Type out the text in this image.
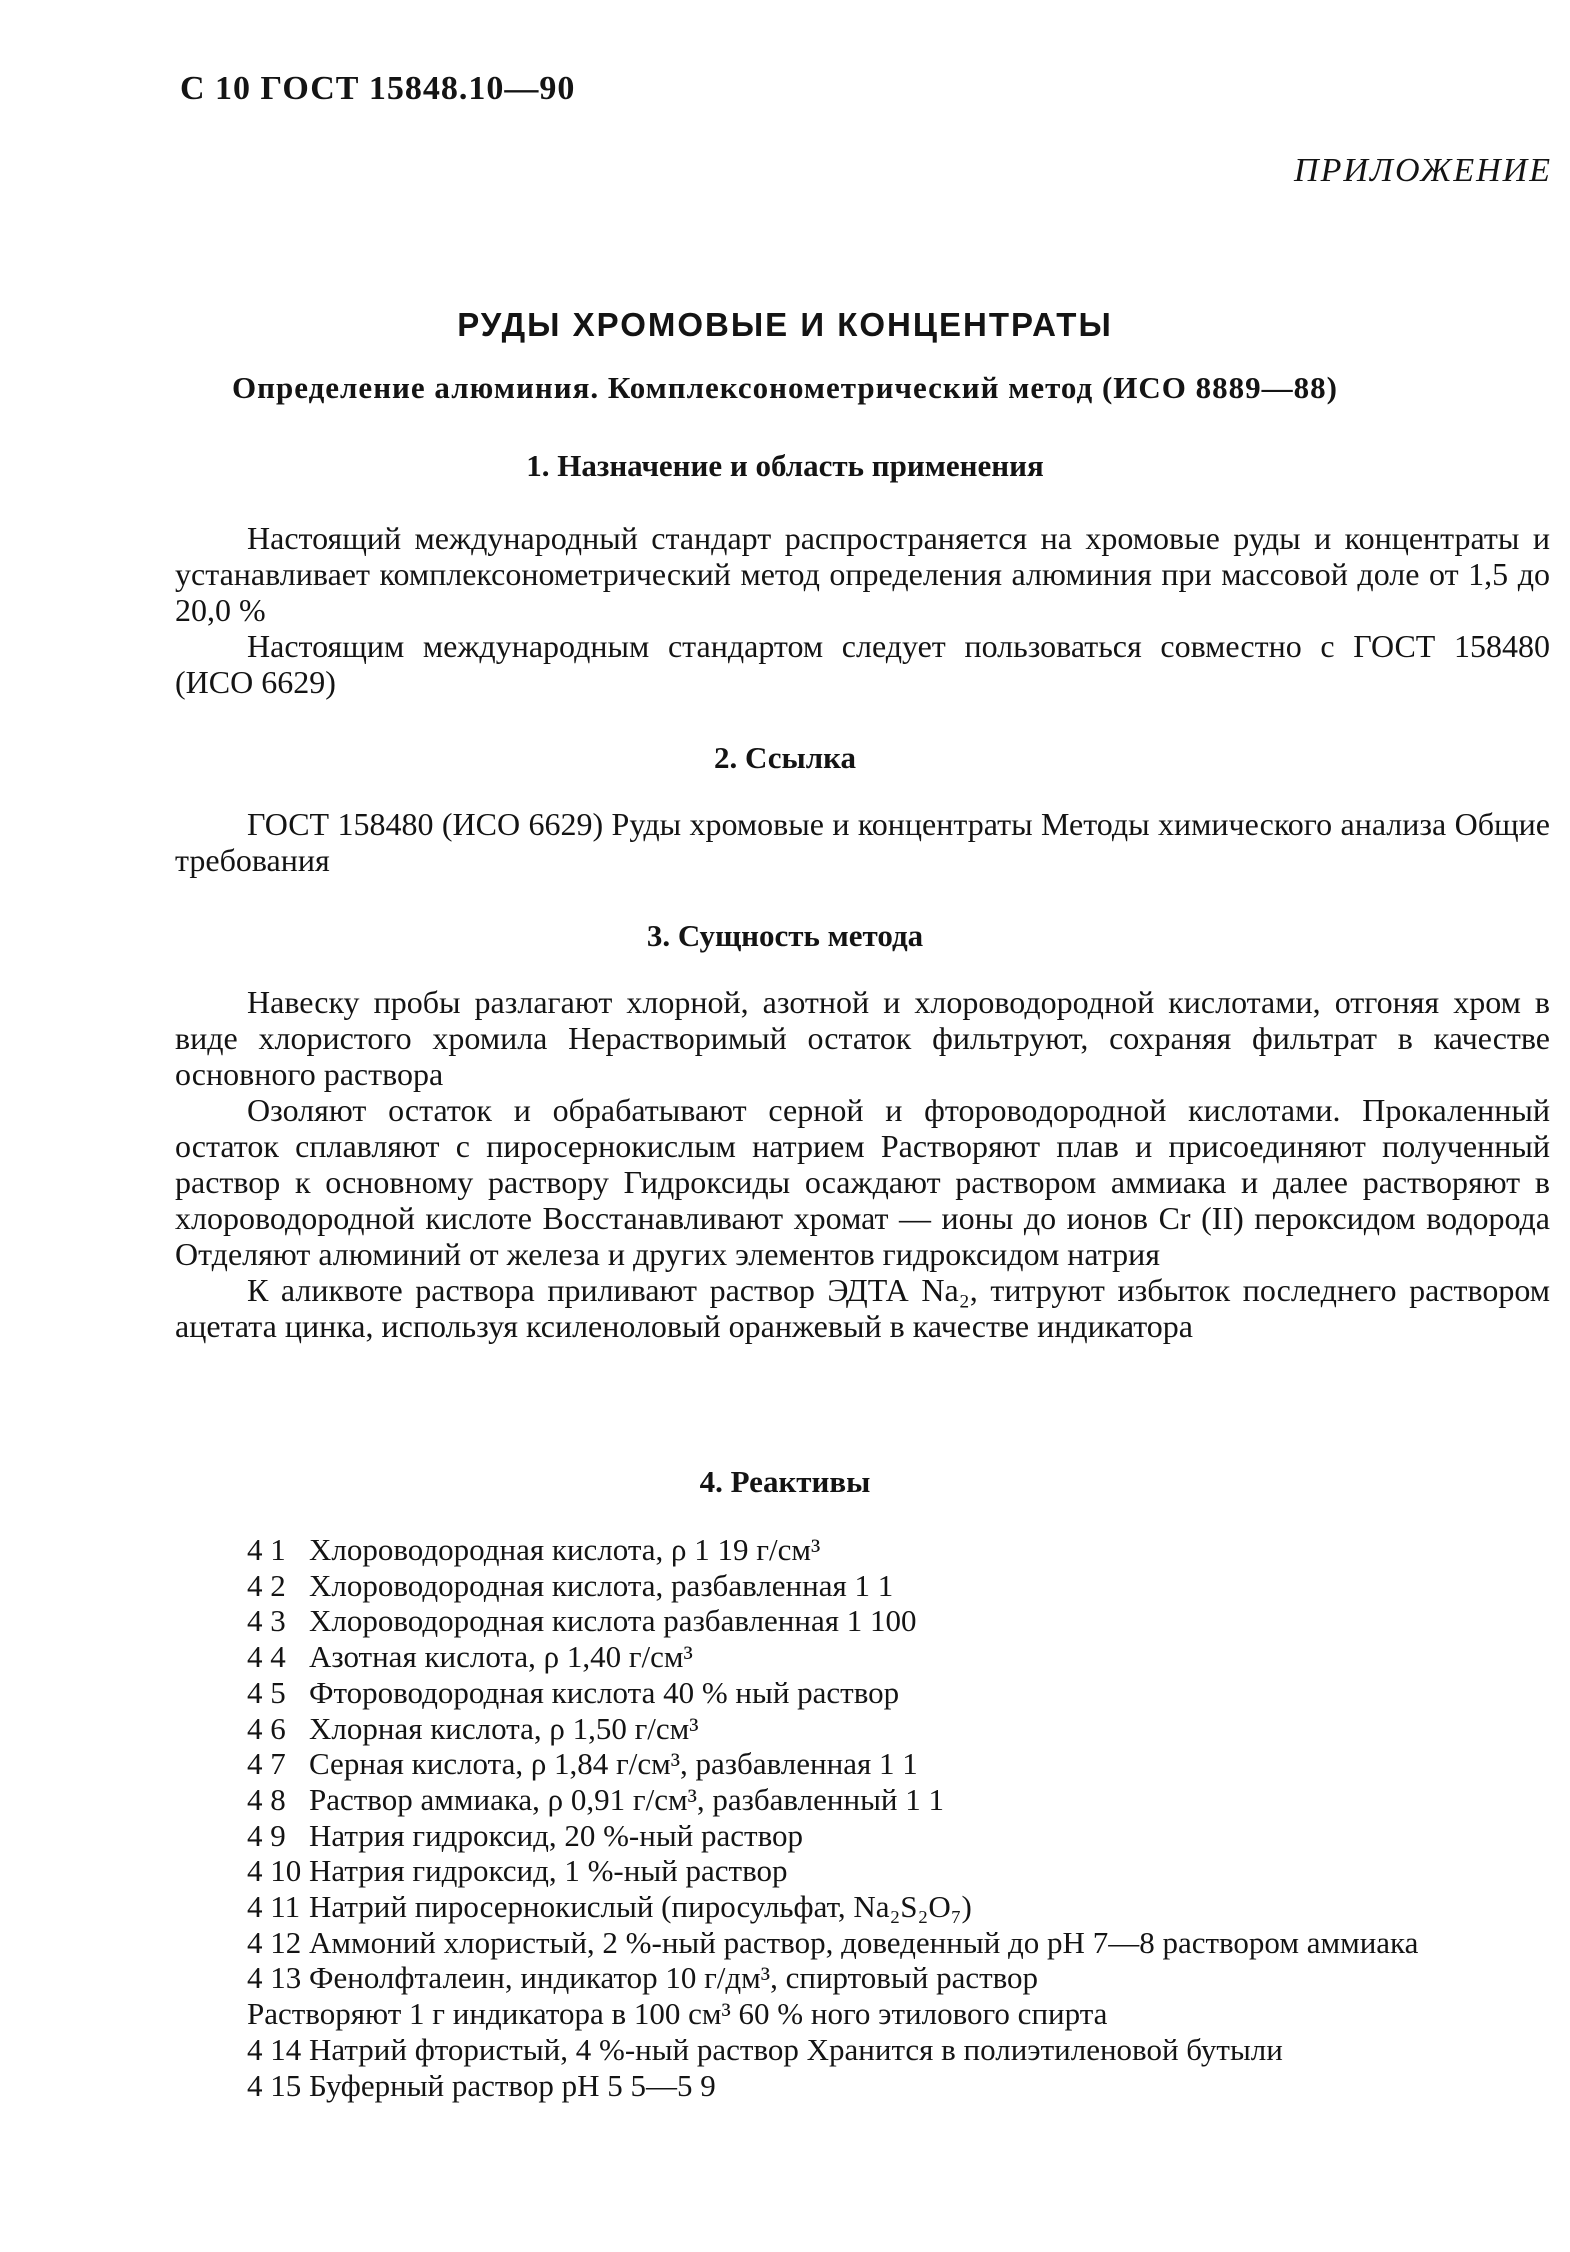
С 10 ГОСТ 15848.10—90
ПРИЛОЖЕНИЕ
РУДЫ ХРОМОВЫЕ И КОНЦЕНТРАТЫ
Определение алюминия. Комплексонометрический метод (ИСО 8889—88)
1. Назначение и область применения

Настоящий международный стандарт распространяется на хромовые руды и концентраты и устанавливает комплексонометрический метод определения алюминия при массовой доле от 1,5 до 20,0 %

Настоящим международным стандартом следует пользоваться совместно с ГОСТ 158480 (ИСО 6629)

2. Ссылка

ГОСТ 158480 (ИСО 6629) Руды хромовые и концентраты Методы химического анализа Общие требования

3. Сущность метода

Навеску пробы разлагают хлорной, азотной и хлороводородной кислотами, отгоняя хром в виде хлористого хромила Нерастворимый остаток фильтруют, сохраняя фильтрат в качестве основного раствора

Озоляют остаток и обрабатывают серной и фтороводородной кислотами. Прокаленный остаток сплавляют с пиросернокислым натрием Растворяют плав и присоединяют полученный раствор к основному раствору Гидроксиды осаждают раствором аммиака и далее растворяют в хлороводородной кислоте Восстанавливают хромат — ионы до ионов Cr (II) пероксидом водорода Отделяют алюминий от железа и других элементов гидроксидом натрия

К аликвоте раствора приливают раствор ЭДТА Na₂, титруют избыток последнего раствором ацетата цинка, используя ксиленоловый оранжевый в качестве индикатора

4. Реактивы
4 1 Хлороводородная кислота, ρ 1 19 г/см³
4 2 Хлороводородная кислота, разбавленная 1 1
4 3 Хлороводородная кислота разбавленная 1 100
4 4 Азотная кислота, ρ 1,40 г/см³
4 5 Фтороводородная кислота 40 % ный раствор
4 6 Хлорная кислота, ρ 1,50 г/см³
4 7 Серная кислота, ρ 1,84 г/см³, разбавленная 1 1
4 8 Раствор аммиака, ρ 0,91 г/см³, разбавленный 1 1
4 9 Натрия гидроксид, 20 %-ный раствор
4 10 Натрия гидроксид, 1 %-ный раствор
4 11 Натрий пиросернокислый (пиросульфат, Na₂S₂O₇)
4 12 Аммоний хлористый, 2 %-ный раствор, доведенный до pH 7—8 раствором аммиака
4 13 Фенолфталеин, индикатор 10 г/дм³, спиртовый раствор
Растворяют 1 г индикатора в 100 см³ 60 % ного этилового спирта
4 14 Натрий фтористый, 4 %-ный раствор Хранится в полиэтиленовой бутыли
4 15 Буферный раствор pH 5 5—5 9
